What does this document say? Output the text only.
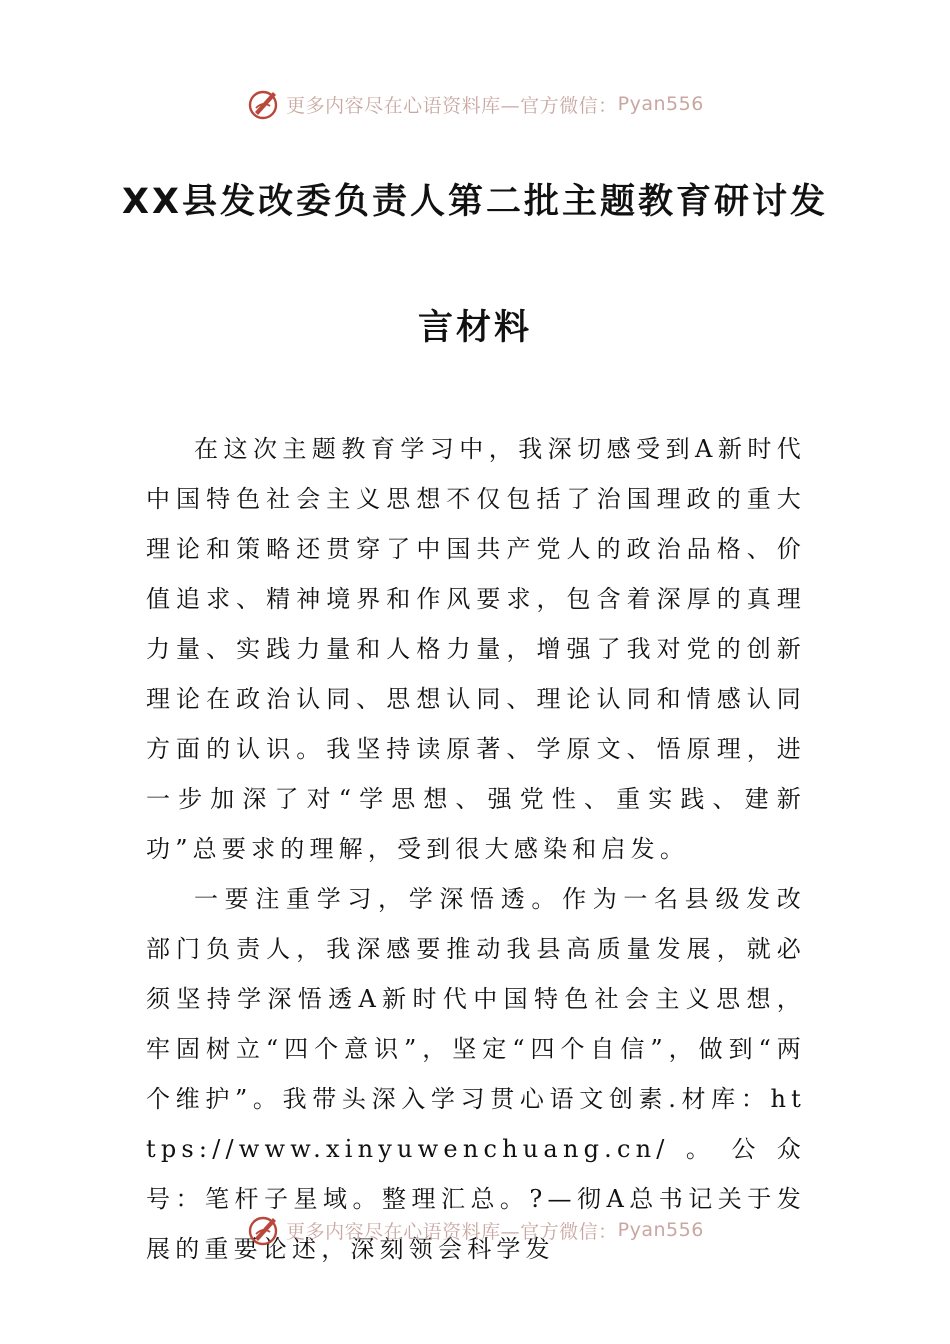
更多内容尽在心语资料库—官方微信： Pyan556
XX县发改委负责人第二批主题教育研讨发
言材料

在这次主题教育学习中，我深切感受到A新时代中国特色社会主义思想不仅包括了治国理政的重大理论和策略还贯穿了中国共产党人的政治品格、价值追求、精神境界和作风要求，包含着深厚的真理力量、实践力量和人格力量，增强了我对党的创新理论在政治认同、思想认同、理论认同和情感认同方面的认识。我坚持读原著、学原文、悟原理，进一步加深了对“学思想、强党性、重实践、建新功”总要求的理解，受到很大感染和启发。

一要注重学习，学深悟透。作为一名县级发改部门负责人，我深感要推动我县高质量发展，就必须坚持学深悟透A新时代中国特色社会主义思想，牢固树立“四个意识”，坚定“四个自信”，做到“两个维护”。我带头深入学习贯心语文创素.材库：https://www.xinyuwenchuang.cn/。公众号：笔杆子星域。整理汇总。?—彻A总书记关于发展的重要论述，深刻领会科学发

更多内容尽在心语资料库—官方微信： Pyan556
